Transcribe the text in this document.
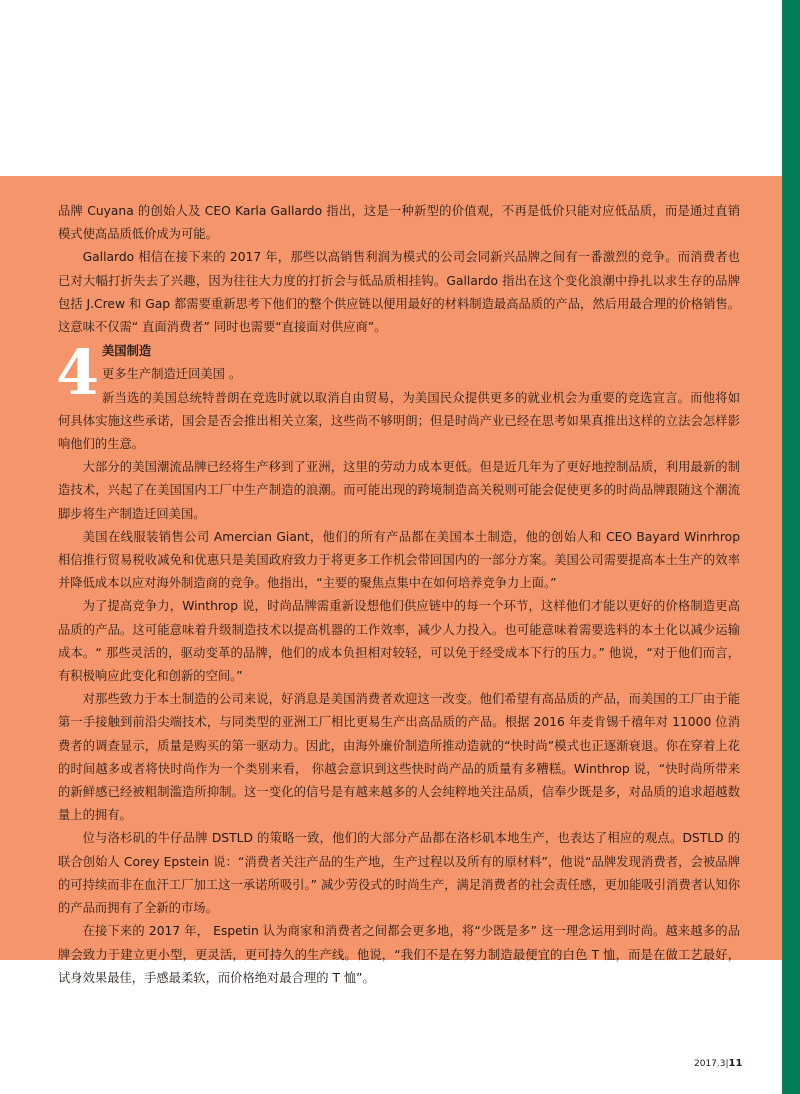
品牌 Cuyana 的创始人及 CEO Karla Gallardo 指出，这是一种新型的价值观，不再是低价只能对应低品质，而是通过直销模式使高品质低价成为可能。

Gallardo 相信在接下来的 2017 年，那些以高销售利润为模式的公司会同新兴品牌之间有一番激烈的竞争。而消费者也已对大幅打折失去了兴趣，因为往往大力度的打折会与低品质相挂钩。Gallardo 指出在这个变化浪潮中挣扎以求生存的品牌包括 J.Crew 和 Gap 都需要重新思考下他们的整个供应链以便用最好的材料制造最高品质的产品，然后用最合理的价格销售。这意味不仅需“ 直面消费者” 同时也需要“直接面对供应商”。

4 美国制造
更多生产制造迁回美国 。

新当选的美国总统特普朗在竞选时就以取消自由贸易，为美国民众提供更多的就业机会为重要的竞选宣言。而他将如何具体实施这些承诺，国会是否会推出相关立案，这些尚不够明朗；但是时尚产业已经在思考如果真推出这样的立法会怎样影响他们的生意。

大部分的美国潮流品牌已经将生产移到了亚洲，这里的劳动力成本更低。但是近几年为了更好地控制品质，利用最新的制造技术，兴起了在美国国内工厂中生产制造的浪潮。而可能出现的跨境制造高关税则可能会促使更多的时尚品牌跟随这个潮流脚步将生产制造迁回美国。

美国在线服装销售公司 Amercian Giant，他们的所有产品都在美国本土制造，他的创始人和 CEO Bayard Winrhrop 相信推行贸易税收减免和优惠只是美国政府致力于将更多工作机会带回国内的一部分方案。美国公司需要提高本土生产的效率并降低成本以应对海外制造商的竞争。他指出，“主要的聚焦点集中在如何培养竞争力上面。”

为了提高竞争力，Winthrop 说，时尚品牌需重新设想他们供应链中的每一个环节，这样他们才能以更好的价格制造更高品质的产品。这可能意味着升级制造技术以提高机器的工作效率，减少人力投入。也可能意味着需要选料的本土化以减少运输成本。“ 那些灵活的，驱动变革的品牌，他们的成本负担相对较轻，可以免于经受成本下行的压力。” 他说，“对于他们而言，有积极响应此变化和创新的空间。”

对那些致力于本土制造的公司来说，好消息是美国消费者欢迎这一改变。他们希望有高品质的产品，而美国的工厂由于能第一手接触到前沿尖端技术，与同类型的亚洲工厂相比更易生产出高品质的产品。根据 2016 年麦肯锡千禧年对 11000 位消费者的调查显示，质量是购买的第一驱动力。因此，由海外廉价制造所推动造就的“快时尚”模式也正逐渐衰退。你在穿着上花的时间越多或者将快时尚作为一个类别来看， 你越会意识到这些快时尚产品的质量有多糟糕。Winthrop 说，“快时尚所带来的新鲜感已经被粗制滥造所抑制。这一变化的信号是有越来越多的人会纯粹地关注品质，信奉少既是多，对品质的追求超越数量上的拥有。

位与洛杉矶的牛仔品牌 DSTLD 的策略一致，他们的大部分产品都在洛杉矶本地生产，也表达了相应的观点。DSTLD 的联合创始人 Corey Epstein 说：“消费者关注产品的生产地，生产过程以及所有的原材料”，他说“品牌发现消费者，会被品牌的可持续而非在血汗工厂加工这一承诺所吸引。” 减少劳役式的时尚生产，满足消费者的社会责任感，更加能吸引消费者认知你的产品而拥有了全新的市场。

在接下来的 2017 年， Espetin 认为商家和消费者之间都会更多地，将“少既是多” 这一理念运用到时尚。越来越多的品牌会致力于建立更小型，更灵活，更可持久的生产线。他说，“我们不是在努力制造最便宜的白色 T 恤，而是在做工艺最好，试身效果最佳，手感最柔软，而价格绝对最合理的 T 恤”。

2017.3|11
